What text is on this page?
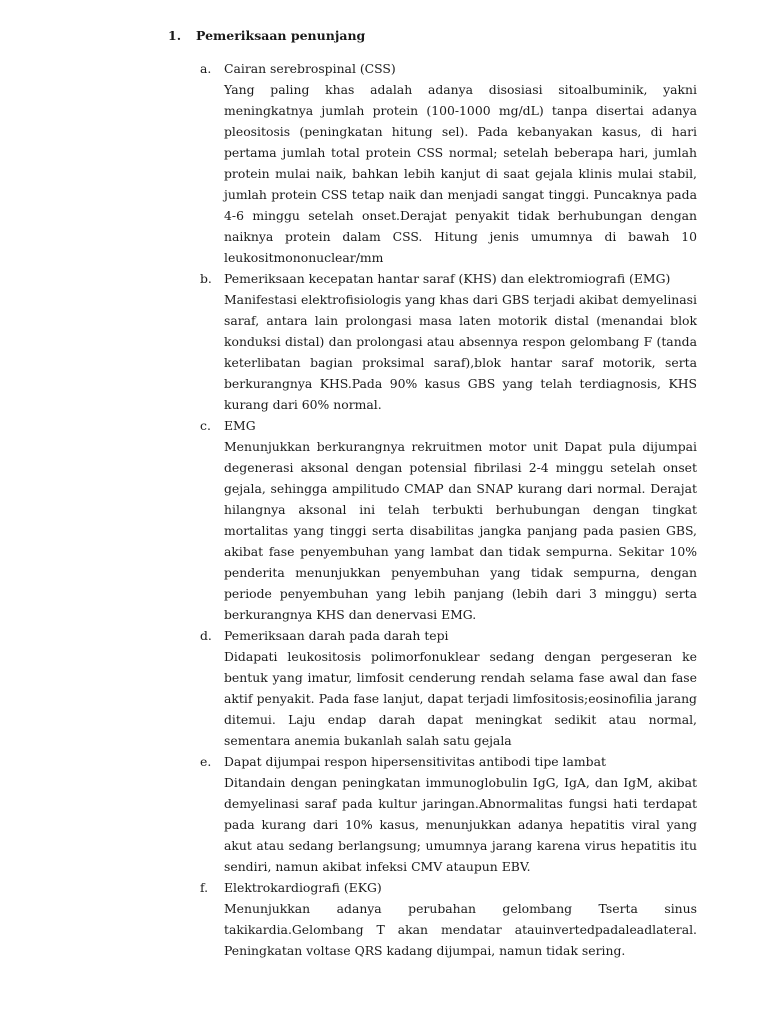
1. Pemeriksaan penunjang
a.	Cairan serebrospinal (CSS)
Yang paling khas adalah adanya disosiasi sitoalbuminik, yakni meningkatnya jumlah protein (100-1000 mg/dL) tanpa disertai adanya pleositosis (peningkatan hitung sel). Pada kebanyakan kasus, di hari pertama jumlah total protein CSS normal; setelah beberapa hari, jumlah protein mulai naik, bahkan lebih kanjut di saat gejala klinis mulai stabil, jumlah protein CSS tetap naik dan menjadi sangat tinggi. Puncaknya pada 4-6 minggu setelah onset.Derajat penyakit tidak berhubungan dengan naiknya protein dalam CSS. Hitung jenis umumnya di bawah 10 leukositmononuclear/mm
b. Pemeriksaan kecepatan hantar saraf (KHS) dan elektromiografi (EMG)
Manifestasi elektrofisiologis yang khas dari GBS terjadi akibat demyelinasi saraf, antara lain prolongasi masa laten motorik distal (menandai blok konduksi distal) dan prolongasi atau absennya respon gelombang F (tanda keterlibatan bagian proksimal saraf),blok hantar saraf motorik, serta berkurangnya KHS.Pada 90% kasus GBS yang telah terdiagnosis, KHS kurang dari 60% normal.
c.	EMG
Menunjukkan berkurangnya rekruitmen motor unit Dapat pula dijumpai degenerasi aksonal dengan potensial fibrilasi 2-4 minggu setelah onset gejala, sehingga ampilitudo CMAP dan SNAP kurang dari normal. Derajat hilangnya aksonal ini telah terbukti berhubungan dengan tingkat mortalitas yang tinggi serta disabilitas jangka panjang pada pasien GBS, akibat fase penyembuhan yang lambat dan tidak sempurna. Sekitar 10% penderita menunjukkan penyembuhan yang tidak sempurna, dengan periode penyembuhan yang lebih panjang (lebih dari 3 minggu) serta berkurangnya KHS dan denervasi EMG.
d. Pemeriksaan darah pada darah tepi
Didapati leukositosis polimorfonuklear sedang dengan pergeseran ke bentuk yang imatur, limfosit cenderung rendah selama fase awal dan fase aktif penyakit. Pada fase lanjut, dapat terjadi limfositosis;eosinofilia jarang ditemui. Laju endap darah dapat meningkat sedikit atau normal, sementara anemia bukanlah salah satu gejala
e.	Dapat dijumpai respon hipersensitivitas antibodi tipe lambat
Ditandain dengan peningkatan immunoglobulin IgG, IgA, dan IgM, akibat demyelinasi saraf pada kultur jaringan.Abnormalitas fungsi hati terdapat pada kurang dari 10% kasus, menunjukkan adanya hepatitis viral yang akut atau sedang berlangsung; umumnya jarang karena virus hepatitis itu sendiri, namun akibat infeksi CMV ataupun EBV.
f.	Elektrokardiografi (EKG)
Menunjukkan adanya perubahan gelombang Tserta sinus takikardia.Gelombang T akan mendatar atauinvertedpadaleadlateral. Peningkatan voltase QRS kadang dijumpai, namun tidak sering.
